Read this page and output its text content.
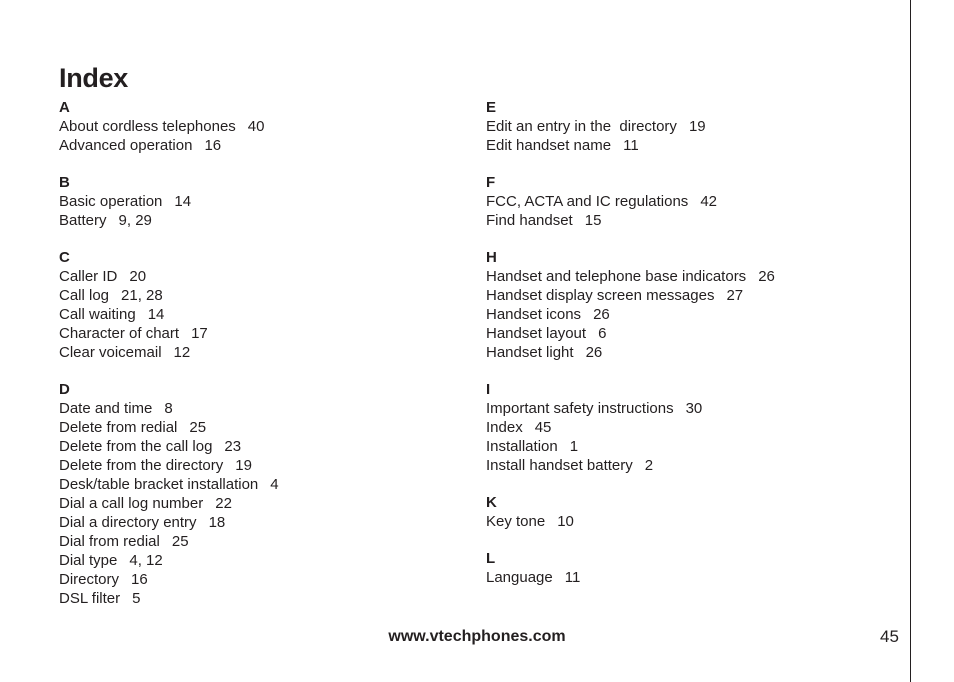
Index
A
About cordless telephones 40
Advanced operation 16
B
Basic operation 14
Battery 9, 29
C
Caller ID 20
Call log 21, 28
Call waiting 14
Character of chart 17
Clear voicemail 12
D
Date and time 8
Delete from redial 25
Delete from the call log 23
Delete from the directory 19
Desk/table bracket installation 4
Dial a call log number 22
Dial a directory entry 18
Dial from redial 25
Dial type 4, 12
Directory 16
DSL filter 5
E
Edit an entry in the  directory 19
Edit handset name 11
F
FCC, ACTA and IC regulations 42
Find handset 15
H
Handset and telephone base indicators 26
Handset display screen messages 27
Handset icons 26
Handset layout 6
Handset light 26
I
Important safety instructions 30
Index 45
Installation 1
Install handset battery 2
K
Key tone 10
L
Language 11
www.vtechphones.com	45
